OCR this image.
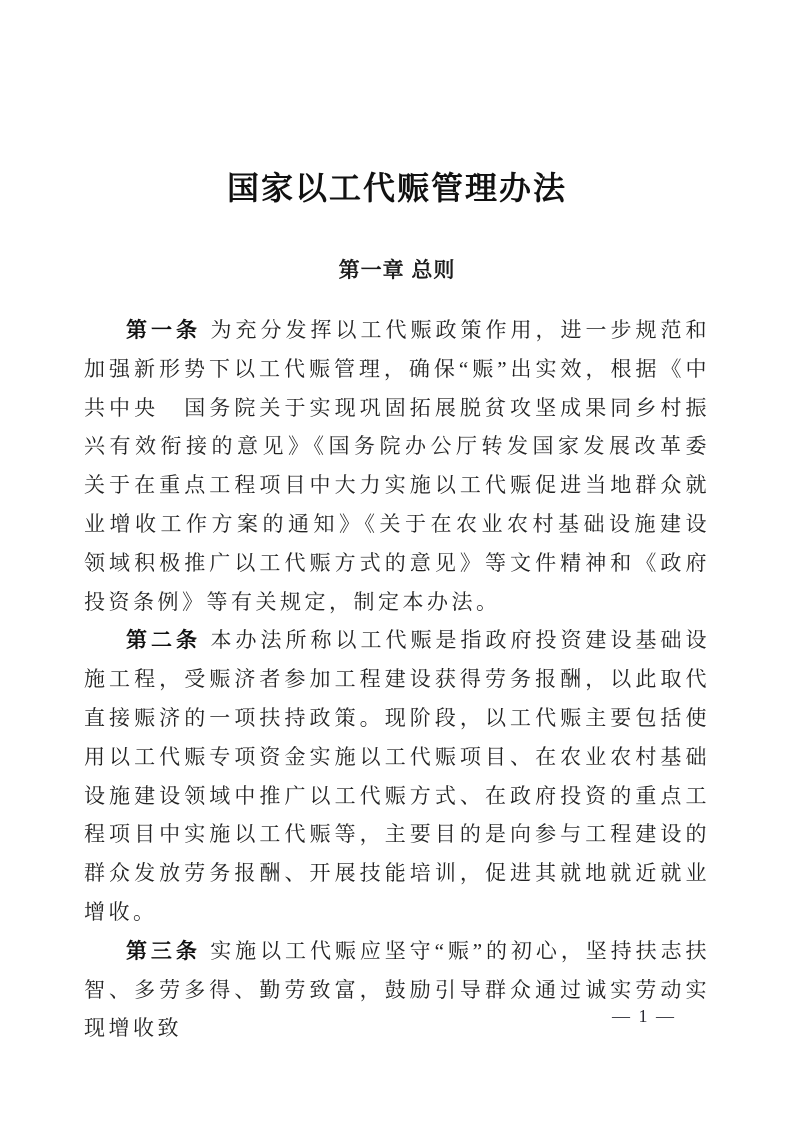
国家以工代赈管理办法
第一章 总则

第一条 为充分发挥以工代赈政策作用，进一步规范和加强新形势下以工代赈管理，确保“赈”出实效，根据《中共中央　国务院关于实现巩固拓展脱贫攻坚成果同乡村振兴有效衔接的意见》《国务院办公厅转发国家发展改革委关于在重点工程项目中大力实施以工代赈促进当地群众就业增收工作方案的通知》《关于在农业农村基础设施建设领域积极推广以工代赈方式的意见》等文件精神和《政府投资条例》等有关规定，制定本办法。

第二条 本办法所称以工代赈是指政府投资建设基础设施工程，受赈济者参加工程建设获得劳务报酬，以此取代直接赈济的一项扶持政策。现阶段，以工代赈主要包括使用以工代赈专项资金实施以工代赈项目、在农业农村基础设施建设领域中推广以工代赈方式、在政府投资的重点工程项目中实施以工代赈等，主要目的是向参与工程建设的群众发放劳务报酬、开展技能培训，促进其就地就近就业增收。

第三条 实施以工代赈应坚守“赈”的初心，坚持扶志扶智、多劳多得、勤劳致富，鼓励引导群众通过诚实劳动实现增收致

— 1 —
